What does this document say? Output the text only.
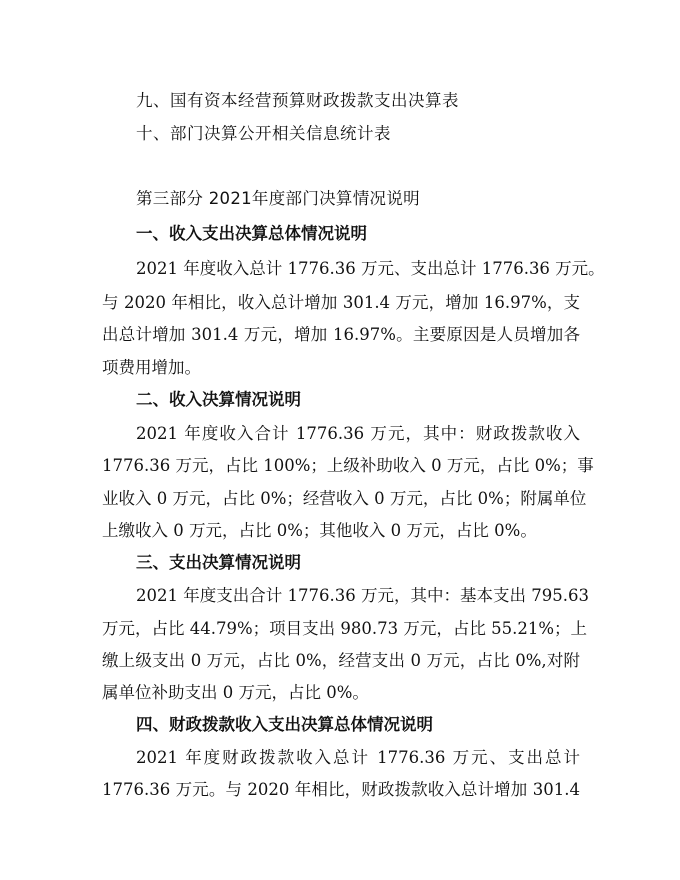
九、国有资本经营预算财政拨款支出决算表
十、部门决算公开相关信息统计表
第三部分 2021年度部门决算情况说明
一、收入支出决算总体情况说明
2021 年度收入总计 1776.36 万元、支出总计 1776.36 万元。
与 2020 年相比，收入总计增加 301.4 万元，增加 16.97%，支
出总计增加 301.4 万元，增加 16.97%。主要原因是人员增加各
项费用增加。
二、收入决算情况说明
2021 年度收入合计 1776.36 万元，其中：财政拨款收入
1776.36 万元，占比 100%；上级补助收入 0 万元，占比 0%；事
业收入 0 万元，占比 0%；经营收入 0 万元，占比 0%；附属单位
上缴收入 0 万元，占比 0%；其他收入 0 万元，占比 0%。
三、支出决算情况说明
2021 年度支出合计 1776.36 万元，其中：基本支出 795.63
万元，占比 44.79%；项目支出 980.73 万元，占比 55.21%；上
缴上级支出 0 万元，占比 0%，经营支出 0 万元，占比 0%,对附
属单位补助支出 0 万元，占比 0%。
四、财政拨款收入支出决算总体情况说明
2021 年度财政拨款收入总计 1776.36 万元、支出总计
1776.36 万元。与 2020 年相比，财政拨款收入总计增加 301.4
